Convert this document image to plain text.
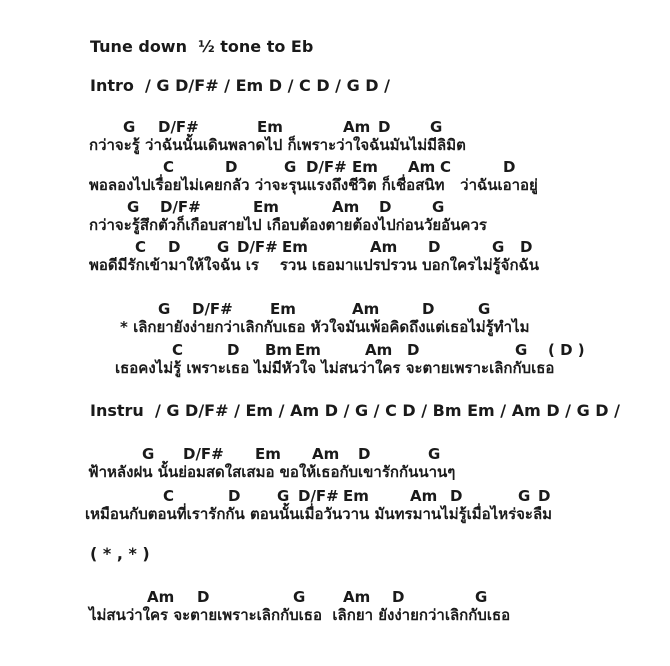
Tune down  ½ tone to Eb
Intro  / G D/F# / Em D / C D / G D /
G D/F#	Em	Am D	G
กว่าจะรู้ ว่าฉันนั้นเดินพลาดไป ก็เพราะว่าใจฉันมันไม่มีลิมิต
C	D	G D/F# Em Am C	D
พอลองไปเรื่อยไม่เคยกลัว ว่าจะรุนแรงถึงชีวิต ก็เชื่อสนิท   ว่าฉันเอาอยู่
G D/F#	Em	Am D	G
กว่าจะรู้สึกตัวก็เกือบสายไป เกือบต้องตายต้องไปก่อนวัยอันควร
C D G D/F# Em	Am D	G D
พอดีมีรักเข้ามาให้ใจฉัน เร    รวน เธอมาแปรปรวน บอกใครไม่รู้จักฉัน
G D/F# Em	Am	D	G
* เลิกยายังง่ายกว่าเลิกกับเธอ หัวใจมันเพ้อคิดถึงแต่เธอไม่รู้ทำไม
C	D Bm Em	Am D	G ( D )
เธอคงไม่รู้ เพราะเธอ ไม่มีหัวใจ ไม่สนว่าใคร จะตายเพราะเลิกกับเธอ
Instru  / G D/F# / Em / Am D / G / C D / Bm Em / Am D / G D /
G D/F# Em Am D	G
ฟ้าหลังฝน นั้นย่อมสดใสเสมอ ขอให้เธอกับเขารักกันนานๆ
C	D G D/F# Em	Am D	G D
เหมือนกับตอนที่เรารักกัน ตอนนั้นเมื่อวันวาน มันทรมานไม่รู้เมื่อไหร่จะลืม
( * , * )
Am D	G	Am D	G
ไม่สนว่าใคร จะตายเพราะเลิกกับเธอ  เลิกยา ยังง่ายกว่าเลิกกับเธอ
